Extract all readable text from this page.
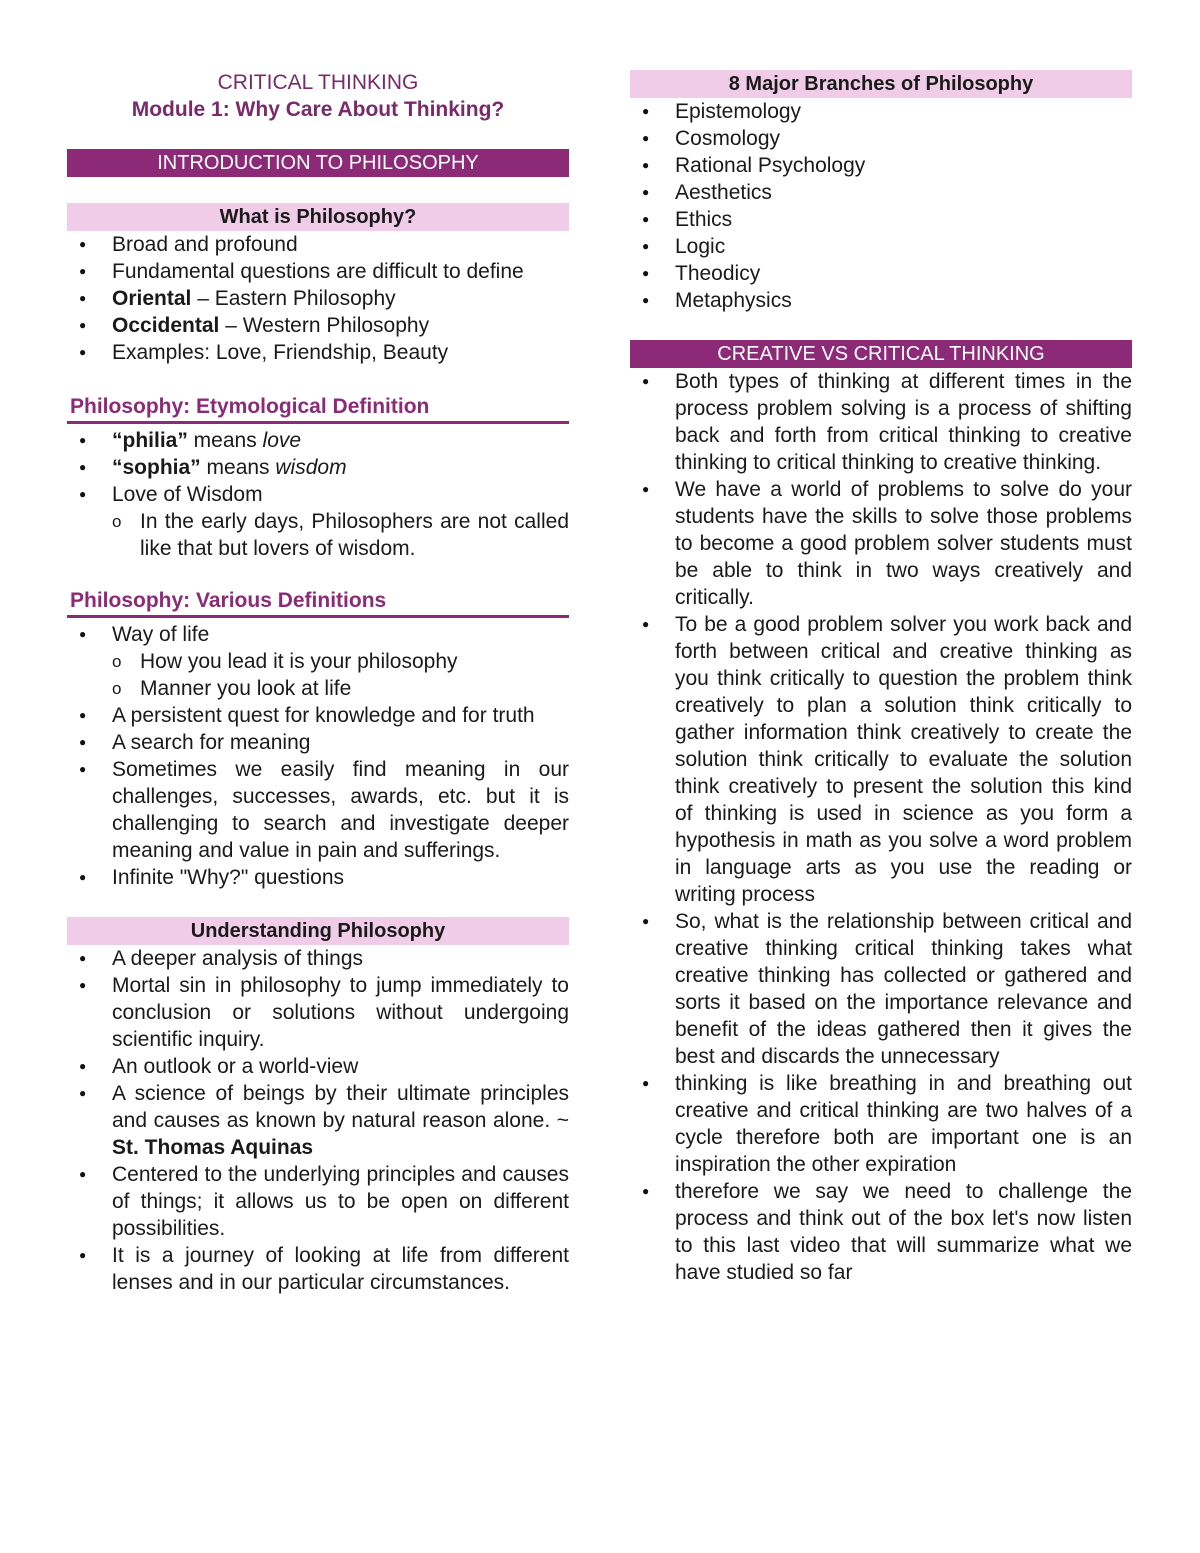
CRITICAL THINKING
Module 1: Why Care About Thinking?
INTRODUCTION TO PHILOSOPHY
What is Philosophy?
● Broad and profound
● Fundamental questions are difficult to define
● Oriental – Eastern Philosophy
● Occidental – Western Philosophy
● Examples: Love, Friendship, Beauty
Philosophy: Etymological Definition
● “philia” means love
● “sophia” means wisdom
● Love of Wisdom
o In the early days, Philosophers are not called like that but lovers of wisdom.
Philosophy: Various Definitions
● Way of life
o How you lead it is your philosophy
o Manner you look at life
● A persistent quest for knowledge and for truth
● A search for meaning
● Sometimes we easily find meaning in our challenges, successes, awards, etc. but it is challenging to search and investigate deeper meaning and value in pain and sufferings.
● Infinite "Why?" questions
Understanding Philosophy
● A deeper analysis of things
● Mortal sin in philosophy to jump immediately to conclusion or solutions without undergoing scientific inquiry.
● An outlook or a world-view
● A science of beings by their ultimate principles and causes as known by natural reason alone. ~ St. Thomas Aquinas
● Centered to the underlying principles and causes of things; it allows us to be open on different possibilities.
● It is a journey of looking at life from different lenses and in our particular circumstances.
8 Major Branches of Philosophy
● Epistemology
● Cosmology
● Rational Psychology
● Aesthetics
● Ethics
● Logic
● Theodicy
● Metaphysics
CREATIVE VS CRITICAL THINKING
● Both types of thinking at different times in the process problem solving is a process of shifting back and forth from critical thinking to creative thinking to critical thinking to creative thinking.
● We have a world of problems to solve do your students have the skills to solve those problems to become a good problem solver students must be able to think in two ways creatively and critically.
● To be a good problem solver you work back and forth between critical and creative thinking as you think critically to question the problem think creatively to plan a solution think critically to gather information think creatively to create the solution think critically to evaluate the solution think creatively to present the solution this kind of thinking is used in science as you form a hypothesis in math as you solve a word problem in language arts as you use the reading or writing process
● So, what is the relationship between critical and creative thinking critical thinking takes what creative thinking has collected or gathered and sorts it based on the importance relevance and benefit of the ideas gathered then it gives the best and discards the unnecessary
● thinking is like breathing in and breathing out creative and critical thinking are two halves of a cycle therefore both are important one is an inspiration the other expiration
● therefore we say we need to challenge the process and think out of the box let's now listen to this last video that will summarize what we have studied so far
